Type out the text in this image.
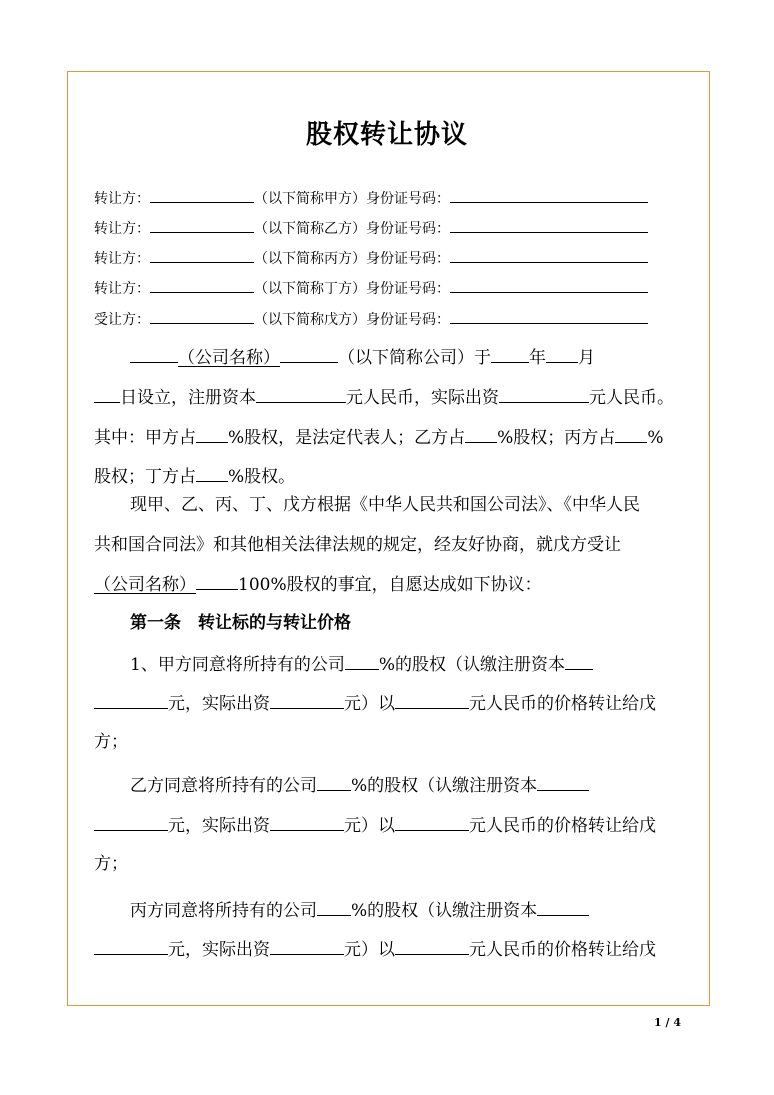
股权转让协议
转让方：	（以下简称甲方）身份证号码：
转让方：	（以下简称乙方）身份证号码：
转让方：	（以下简称丙方）身份证号码：
转让方：	（以下简称丁方）身份证号码：
受让方：	（以下简称戊方）身份证号码：
（公司名称）	（以下简称公司）于 年 月
日设立，注册资本	元人民币，实际出资	元人民币。
其中：甲方占 %股权，是法定代表人；乙方占 %股权；丙方占 %
股权；丁方占 %股权。
现甲、乙、丙、丁、戊方根据《中华人民共和国公司法》、《中华人民
共和国合同法》和其他相关法律法规的规定，经友好协商，就戊方受让
（公司名称） 100%股权的事宜，自愿达成如下协议：
第一条　转让标的与转让价格
1、甲方同意将所持有的公司 %的股权（认缴注册资本
元，实际出资	元）以	元人民币的价格转让给戊
方；
乙方同意将所持有的公司 %的股权（认缴注册资本
元，实际出资	元）以	元人民币的价格转让给戊
方；
丙方同意将所持有的公司 %的股权（认缴注册资本
元，实际出资	元）以	元人民币的价格转让给戊
1 / 4
